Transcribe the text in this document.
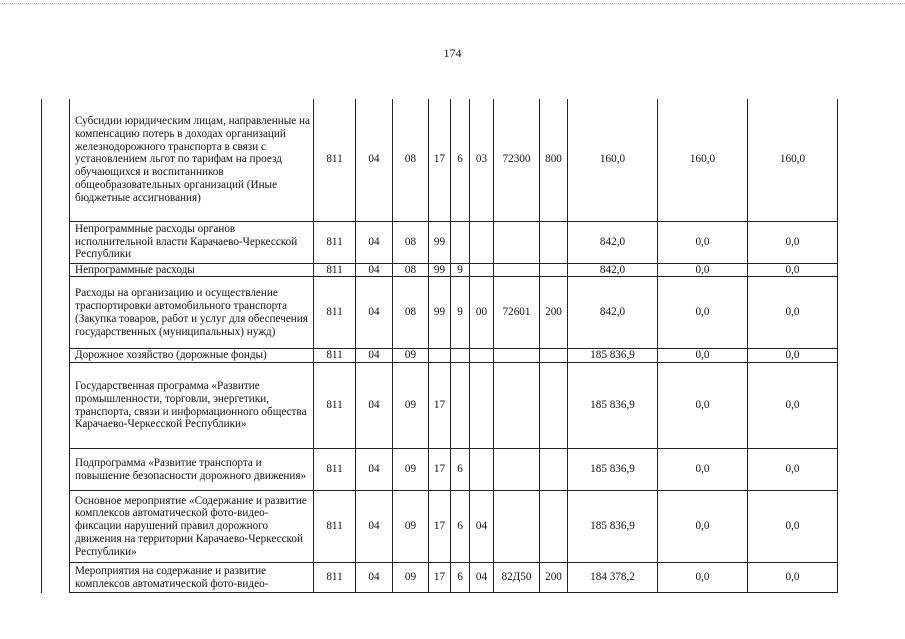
174
	Субсидии юридическим лицам, направленные на компенсацию потерь в доходах организаций железнодорожного транспорта в связи с установлением льгот по тарифам на проезд обучающихся и воспитанников общеобразовательных организаций (Иные бюджетные ассигнования)	811	04	08	17	6	03	72300	800	160,0	160,0	160,0
	Непрограммные расходы органов исполнительной власти Карачаево-Черкесской Республики	811	04	08	99					842,0	0,0	0,0
	Непрограммные расходы	811	04	08	99	9				842,0	0,0	0,0
	Расходы на организацию и осуществление траспортировки автомобильного транспорта (Закупка товаров, работ и услуг для обеспечения государственных (муниципальных) нужд)	811	04	08	99	9	00	72601	200	842,0	0,0	0,0
	Дорожное хозяйство (дорожные фонды)	811	04	09						185 836,9	0,0	0,0
	Государственная программа «Развитие промышленности, торговли, энергетики, транспорта, связи и информационного общества Карачаево-Черкесской Республики»	811	04	09	17					185 836,9	0,0	0,0
	Подпрограмма «Развитие транспорта и повышение безопасности дорожного движения»	811	04	09	17	6				185 836,9	0,0	0,0
	Основное мероприятие «Содержание и развитие комплексов автоматической фото-видео-фиксации нарушений правил дорожного движения на территории Карачаево-Черкесской Республики»	811	04	09	17	6	04			185 836,9	0,0	0,0
	Мероприятия на содержание и развитие комплексов автоматической фото-видео-	811	04	09	17	6	04	82Д50	200	184 378,2	0,0	0,0
